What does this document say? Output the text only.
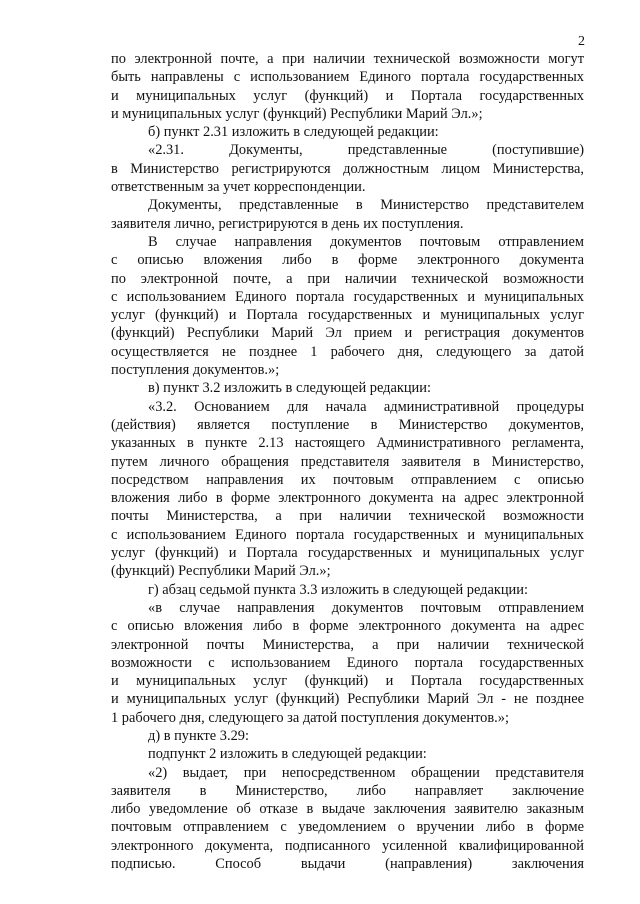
2
по электронной почте, а при наличии технической возможности могут
быть направлены с использованием Единого портала государственных
и муниципальных услуг (функций) и Портала государственных
и муниципальных услуг (функций) Республики Марий Эл.»;
б) пункт 2.31 изложить в следующей редакции:
«2.31. Документы, представленные (поступившие)
в Министерство регистрируются должностным лицом Министерства,
ответственным за учет корреспонденции.
Документы, представленные в Министерство представителем
заявителя лично, регистрируются в день их поступления.
В случае направления документов почтовым отправлением
с описью вложения либо в форме электронного документа
по электронной почте, а при наличии технической возможности
с использованием Единого портала государственных и муниципальных
услуг (функций) и Портала государственных и муниципальных услуг
(функций) Республики Марий Эл прием и регистрация документов
осуществляется не позднее 1 рабочего дня, следующего за датой
поступления документов.»;
в) пункт 3.2 изложить в следующей редакции:
«3.2. Основанием для начала административной процедуры
(действия) является поступление в Министерство документов,
указанных в пункте 2.13 настоящего Административного регламента,
путем личного обращения представителя заявителя в Министерство,
посредством направления их почтовым отправлением с описью
вложения либо в форме электронного документа на адрес электронной
почты Министерства, а при наличии технической возможности
с использованием Единого портала государственных и муниципальных
услуг (функций) и Портала государственных и муниципальных услуг
(функций) Республики Марий Эл.»;
г) абзац седьмой пункта 3.3 изложить в следующей редакции:
«в случае направления документов почтовым отправлением
с описью вложения либо в форме электронного документа на адрес
электронной почты Министерства, а при наличии технической
возможности с использованием Единого портала государственных
и муниципальных услуг (функций) и Портала государственных
и муниципальных услуг (функций) Республики Марий Эл - не позднее
1 рабочего дня, следующего за датой поступления документов.»;
д) в пункте 3.29:
подпункт 2 изложить в следующей редакции:
«2) выдает, при непосредственном обращении представителя
заявителя в Министерство, либо направляет заключение
либо уведомление об отказе в выдаче заключения заявителю заказным
почтовым отправлением с уведомлением о вручении либо в форме
электронного документа, подписанного усиленной квалифицированной
подписью. Способ выдачи (направления) заключения
